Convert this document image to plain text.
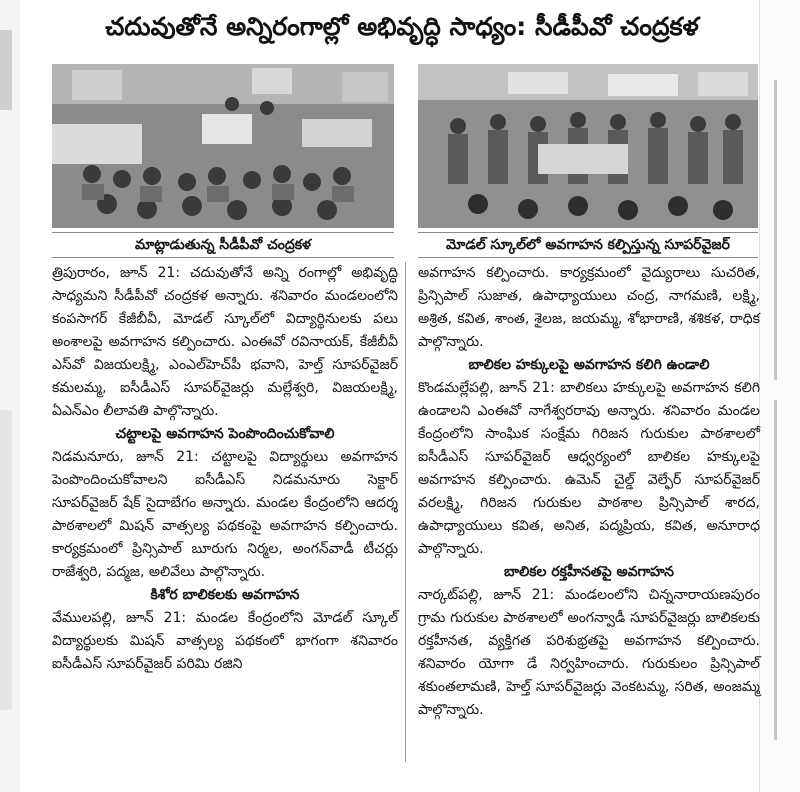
చదువుతోనే అన్నిరంగాల్లో అభివృద్ధి సాధ్యం: సీడీపీవో చంద్రకళ
మాట్లాడుతున్న సీడీపీవో చంద్రకళ	మోడల్ స్కూల్‌లో అవగాహన కల్పిస్తున్న సూపర్‌వైజర్

త్రిపురారం, జూన్ 21: చదువుతోనే అన్ని రంగాల్లో అభివృద్ధి సాధ్యమని సీడీపీవో చంద్రకళ అన్నారు. శనివారం మండలంలోని కంపసాగర్ కేజీబీవీ, మోడల్ స్కూల్‌లో విద్యార్థినులకు పలు అంశాలపై అవగాహన కల్పించారు. ఎంఈవో రవినాయక్, కేజీబీవీ ఎస్‌వో విజయలక్ష్మి, ఎంఎల్‌హెచ్‌పీ భవాని, హెల్త్ సూపర్‌వైజర్ కమలమ్మ, ఐసీడీఎస్ సూపర్‌వైజర్లు మల్లేశ్వరి, విజయలక్ష్మి, ఏఎన్ఎం లీలావతి పాల్గొన్నారు.

చట్టాలపై అవగాహన పెంపొందించుకోవాలి

నిడమనూరు, జూన్ 21: చట్టాలపై విద్యార్థులు అవగాహన పెంపొందించుకోవాలని ఐసీడీఎస్ నిడమనూరు సెక్టార్ సూపర్‌వైజర్ షేక్ సైదాబేగం అన్నారు. మండల కేంద్రంలోని ఆదర్శ పాఠశాలలో మిషన్ వాత్సల్య పథకంపై అవగాహన కల్పించారు. కార్యక్రమంలో ప్రిన్సిపాల్ బూరుగు నిర్మల, అంగన్‌వాడీ టీచర్లు రాజేశ్వరి, పద్మజ, అలివేలు పాల్గొన్నారు.

కిశోర బాలికలకు అవగాహన

వేములపల్లి, జూన్ 21: మండల కేంద్రంలోని మోడల్ స్కూల్ విద్యార్థులకు మిషన్ వాత్సల్య పథకంలో భాగంగా శనివారం ఐసీడీఎస్ సూపర్‌వైజర్ పరిమి రజిని

అవగాహన కల్పించారు. కార్యక్రమంలో వైద్యురాలు సుచరిత, ప్రిన్సిపాల్ సుజాత, ఉపాధ్యాయులు చంద్ర, నాగమణి, లక్ష్మి, అశ్రిత, కవిత, శాంత, శైలజ, జయమ్మ, శోభారాణి, శశికళ, రాధిక పాల్గొన్నారు.

బాలికల హక్కులపై అవగాహన కలిగి ఉండాలి

కొండమల్లేపల్లి, జూన్ 21: బాలికలు హక్కులపై అవగాహన కలిగి ఉండాలని ఎంఈవో నాగేశ్వరరావు అన్నారు. శనివారం మండల కేంద్రంలోని సాంఘిక సంక్షేమ గిరిజన గురుకుల పాఠశాలలో ఐసీడీఎస్ సూపర్‌వైజర్ ఆధ్వర్యంలో బాలికల హక్కులపై అవగాహన కల్పించారు. ఉమెన్ చైల్డ్ వెల్ఫేర్ సూపర్‌వైజర్ వరలక్ష్మి, గిరిజన గురుకుల పాఠశాల ప్రిన్సిపాల్ శారద, ఉపాధ్యాయులు కవిత, అనిత, పద్మప్రియ, కవిత, అనూరాధ పాల్గొన్నారు.

బాలికల రక్తహీనతపై అవగాహన

నార్కట్‌పల్లి, జూన్ 21: మండలంలోని చిన్ననారాయణపురం గ్రామ గురుకుల పాఠశాలలో అంగన్వాడీ సూపర్‌వైజర్లు బాలికలకు రక్తహీనత, వ్యక్తిగత పరిశుభ్రతపై అవగాహన కల్పించారు. శనివారం యోగా డే నిర్వహించారు. గురుకులం ప్రిన్సిపాల్ శకుంతలామణి, హెల్త్ సూపర్‌వైజర్లు వెంకటమ్మ, సరిత, అంజమ్మ పాల్గొన్నారు.
